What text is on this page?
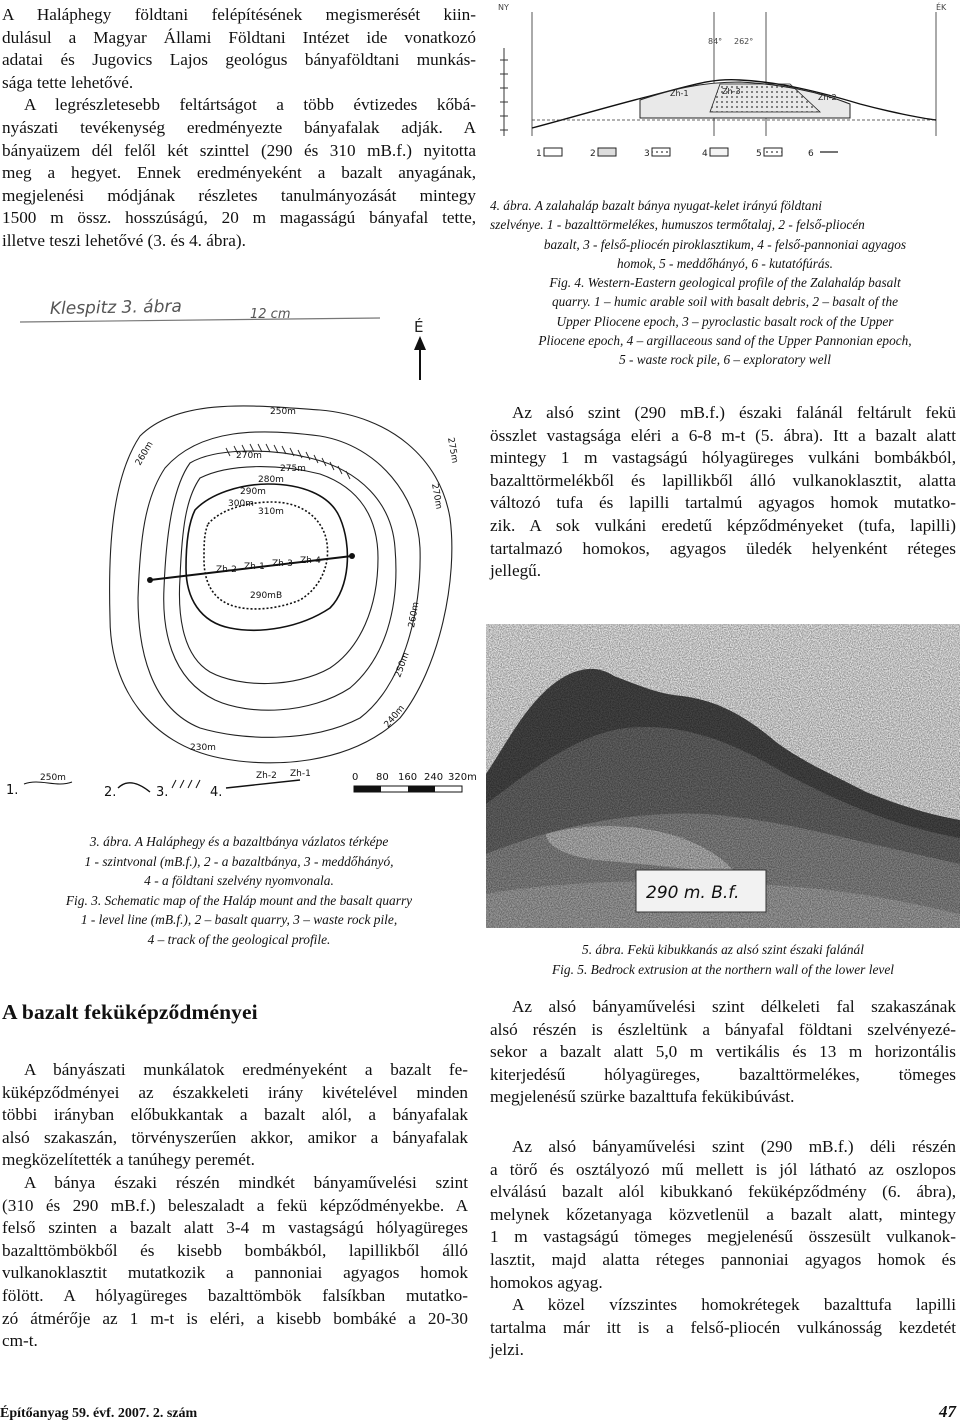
A Haláphegy földtani felépítésének megismerését kiin-
dulásul a Magyar Állami Földtani Intézet ide vonatkozó
adatai és Jugovics Lajos geológus bányaföldtani munkás-
sága tette lehetővé.
A legrészletesebb feltártságot a több évtizedes kőbá-
nyászati tevékenység eredményezte bányafalak adják. A
bányaüzem dél felől két szinttel (290 és 310 mB.f.) nyitotta
meg a hegyet. Ennek eredményeként a bazalt anyagának,
megjelenési módjának részletes tanulmányozását mintegy
1500 m össz. hosszúságú, 20 m magasságú bányafal tette,
illetve teszi lehetővé (3. és 4. ábra).
Klespitz 3. ábra	12 cm
É
Zh-2 Zh-1 Zh-3 Zh-4
250m
260m	270m
275m
280m
290m
300m
310m
290mB
230m
240m
250m
260m
270m
275m
1.
250m
2.	3.	4.
Zh-2 Zh-1	0 80 160 240 320m
3. ábra. A Haláphegy és a bazaltbánya vázlatos térképe
1 - szintvonal (mB.f.), 2 - a bazaltbánya, 3 - meddőhányó,
4 - a földtani szelvény nyomvonala.
Fig. 3. Schematic map of the Haláp mount and the basalt quarry
1 - level line (mB.f.), 2 – basalt quarry, 3 – waste rock pile,
4 – track of the geological profile.
A bazalt feküképződményei
A bányászati munkálatok eredményeként a bazalt fe-
küképződményei az északkeleti irány kivételével minden
többi irányban előbukkantak a bazalt alól, a bányafalak
alsó szakaszán, törvényszerűen akkor, amikor a bányafalak
megközelítették a tanúhegy peremét.
A bánya északi részén mindkét bányaművelési szint
(310 és 290 mB.f.) beleszaladt a fekü képződményekbe. A
felső szinten a bazalt alatt 3-4 m vastagságú hólyagüreges
bazalttömbökből és kisebb bombákból, lapillikből álló
vulkanoklasztit mutatkozik a pannoniai agyagos homok
fölött. A hólyagüreges bazalttömbök falsíkban mutatko-
zó átmérője az 1 m-t is eléri, a kisebb bombáké a 20-30
cm-t.
NY	ÉK
84° 262°
Zh-1	Zh-3
Zh-2
1	2	3	4	5	6
4. ábra. A zalahaláp bazalt bánya nyugat-kelet irányú földtani
szelvénye. 1 - bazalttörmelékes, humuszos termőtalaj, 2 - felső-pliocén
bazalt, 3 - felső-pliocén piroklasztikum, 4 - felső-pannoniai agyagos
homok, 5 - meddőhányó, 6 - kutatófúrás.
Fig. 4. Western-Eastern geological profile of the Zalahaláp basalt
quarry. 1 – humic arable soil with basalt debris, 2 – basalt of the
Upper Pliocene epoch, 3 – pyroclastic basalt rock of the Upper
Pliocene epoch, 4 – argillaceous sand of the Upper Pannonian epoch,
5 - waste rock pile, 6 – exploratory well
Az alsó szint (290 mB.f.) északi falánál feltárult fekü
összlet vastagsága eléri a 6-8 m-t (5. ábra). Itt a bazalt alatt
mintegy 1 m vastagságú hólyagüreges vulkáni bombákból,
bazalttörmelékből és lapillikből álló vulkanoklasztit, alatta
változó tufa és lapilli tartalmú agyagos homok mutatko-
zik. A sok vulkáni eredetű képződményeket (tufa, lapilli)
tartalmazó homokos, agyagos üledék helyenként réteges
jellegű.
290 m. B.f.
5. ábra. Fekü kibukkanás az alsó szint északi falánál
Fig. 5. Bedrock extrusion at the northern wall of the lower level
Az alsó bányaművelési szint délkeleti fal szakaszának
alsó részén is észleltünk a bányafal földtani szelvényezé-
sekor a bazalt alatt 5,0 m vertikális és 13 m horizontális
kiterjedésű hólyagüreges, bazalttörmelékes, tömeges
megjelenésű szürke bazalttufa fekükibúvást.
Az alsó bányaművelési szint (290 mB.f.) déli részén
a törő és osztályozó mű mellett is jól látható az oszlopos
elválású bazalt alól kibukkanó feküképződmény (6. ábra),
melynek kőzetanyaga közvetlenül a bazalt alatt, mintegy
1 m vastagságú tömeges megjelenésű összesült vulkanok-
lasztit, majd alatta réteges pannoniai agyagos homok és
homokos agyag.
A közel vízszintes homokrétegek bazalttufa lapilli
tartalma már itt is a felső-pliocén vulkánosság kezdetét
jelzi.
Építőanyag 59. évf. 2007. 2. szám	47
